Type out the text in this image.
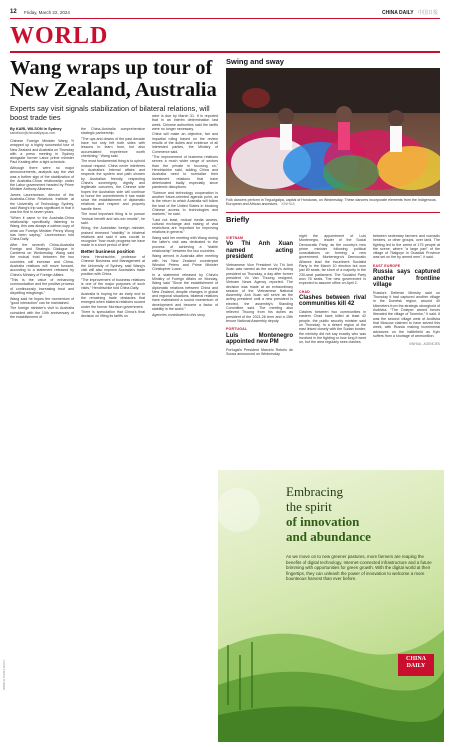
12 Friday, March 22, 2024	CHINA DAILY 中国日报
WORLD
Wang wraps up tour of New Zealand, Australia
Experts say visit signals stabilization of bilateral relations, will boost trade ties
By KARL WILSON in Sydney
karlwilson@chinadailyapac.com

Chinese Foreign Minister Wang Yi wrapped up a highly successful tour of New Zealand and Australia on Thursday with a press meeting in Sydney alongside former Labor prime minister Paul Keating after a tight schedule.

Although there were no major announcements, analysts say the visit was a further sign of the stabilization of the Australia-China relationship under the Labor government headed by Prime Minister Anthony Albanese.

James Laurenceson, director of the Australia-China Relations Institute at the University of Technology Sydney, said Wang's trip was significant in that it was the first in seven years.

"When it came to the Australia-China relationship specifically, listening to Wang, this was always a carbon copy of what our Foreign Minister Penny Wong has been saying," Laurenceson told China Daily.

After the seventh China-Australia Foreign and Strategic Dialogue in Canberra on Wednesday, Wang said the mutual trust between the two countries will increase and China-Australia relations will move forward, according to a statement released by China's Ministry of Foreign Affairs.

"This is the value of enhancing communication and the positive process of continuously increasing trust and dispelling misgivings."

Wang said he hopes the momentum of "good interaction" can be maintained.

The foreign minister's visit to Australia coincided with the 10th anniversary of the establishment of

the China-Australia comprehensive strategic partnership.

"The ups and downs of the past decade have not only left both sides with lessons to learn from, but also accumulated experience worth cherishing," Wang said.

The most fundamental thing is to uphold mutual respect. China never interferes in Australia's internal affairs and respects the system and path chosen by Australian friendly, respecting China's sovereignty, dignity and legitimate concerns, the Chinese side hopes the Australian side will continue to honor the commitments it has made since the establishment of diplomatic relations and respect and properly handle them.

The most important thing is to pursue "mutual benefit and win-win results", he said.

Wong, the Australian foreign minister, praised renewed "stability" in bilateral relations and said it was crucial to recognize "how much progress we have made in a short period of time".

Better business position

Hans Hendrischke, professor of Chinese Business and Management at the University of Sydney, said Wang's visit will also improve Australia's trade position with China.

"The improvement of business relations is one of the major purposes of such visits," Hendrischke told China Daily.

Australia is hoping for an early end to the remaining trade obstacles that emerged when bilateral relations soured under the former Morrison government.

There is speculation that China's final decision on lifting its tariffs on

wine is due by March 31. It is reported that in an interim determination last week, Chinese authorities said the tariffs were no longer necessary.

China will make an objective, fair and impartial ruling based on the review results of the duties and evidence of all interested parties, the Ministry of Commerce said.

"The improvement of business relations serves a much wider range of sectors than the private in focusing on," Hendrischke said, adding China and Australia need to normalize their investment relations that have deteriorated badly especially since pandemic disruptions.

"Science and technology cooperation is another future-oriented agenda point, as is the return to which Australia will follow the lead of the United States in blocking Chinese access to technologies and markets," he said.

"Last not least, mutual media access, cultural exchange and easing of visa restrictions are important for improving relations in general."

Wang said her meeting with Wang during the latter's visit was dedicated to the process of achieving a "stable relationship" between the two countries.

Wang arrived in Australia after meeting with his New Zealand counterpart Winston Peters and Prime Minister Christopher Luxon.

In a statement released by China's Ministry of Foreign Affairs on Monday, Wang said "Since the establishment of diplomatic relations between China and New Zealand, despite changes in global and regional situations, bilateral relations have maintained a sound momentum of development and become a factor of stability in the world."

Agencies contributed to this story.

Swing and sway
Folk dancers perform in Tegucigalpa, capital of Honduras, on Wednesday. These dancers incorporate elements from the Indigenous, European and African ancestors. XINHUA
Briefly
VIETNAM
Vo Thi Anh Xuan named acting president

Vietnamese Vice President Vo Thi Anh Xuan was named as the country's acting president on Thursday, a day after former president Vo Van Thuong resigned, Vietnam News Agency reported. The decision was made at an extraordinary session of the Vietnamese National Assembly. Anh Xuan will serve as the acting president until a new president is elected, the assembly's Standing Committee said. The meeting also relieved Thuong from his duties as president of the 2021-26 term and a 15th tenure National Assembly deputy.

PORTUGAL
Luis Montenegro appointed new PM

Portugal's President Marcelo Rebelo de Sousa announced on Wednesday

night the appointment of Luis Montenegro, leader of the Social Democratic Party, as the country's new prime minister following political consultations on forming a new government. Montenegro's Democratic Alliance lead the incumbent Socialist Party in the March 10 election but won just 80 seats, far short of a majority in the 230-seat parliament. The Socialist Party won 78 seats. The new government is expected to assume office on April 2.

CHAD
Clashes between rival communities kill 42

Clashes between two communities in eastern Chad have killed at least 42 people, the public security minister said on Thursday. In a desert region of the east linked closely with the Sudan border, the ministry did not say exactly who was involved in the fighting or how long it went on, but the area regularly sees clashes

between sedentary farmers and nomadic herders, or other groups, over land. The fighting led to the arrest of 175 people at the scene, where "a large part" of the village of Tilalgoye in Ouaddai Province was set on fire by armed men", it said.

EAST EUROPE
Russia says captured another frontline village

Russia's Defense Ministry said on Thursday it had captured another village in the Donetsk region, around 40 kilometers from the strategic stronghold of Avdiivka. "The Dnieper armed forces liberated the village of Tonenke," it said. It was the second village west of Avdiivka that Moscow claimed to have seized this week, with Russia making incremental advances on the battlefield as Kyiv suffers from a shortage of ammunition.

XINHUA - AGENCIES
WORLD CHINA DAILY
Embracing
the spirit
of innovation
and abundance
As we move on to new greener pastures, more farmers are reaping the benefits of digital technology. Internet-connected infrastructure and a future brimming with opportunities for green growth. With the digital world at their fingertips, they can unleash the power of innovation to welcome a more bounteous harvest than ever before.
CHINA
DAILY
